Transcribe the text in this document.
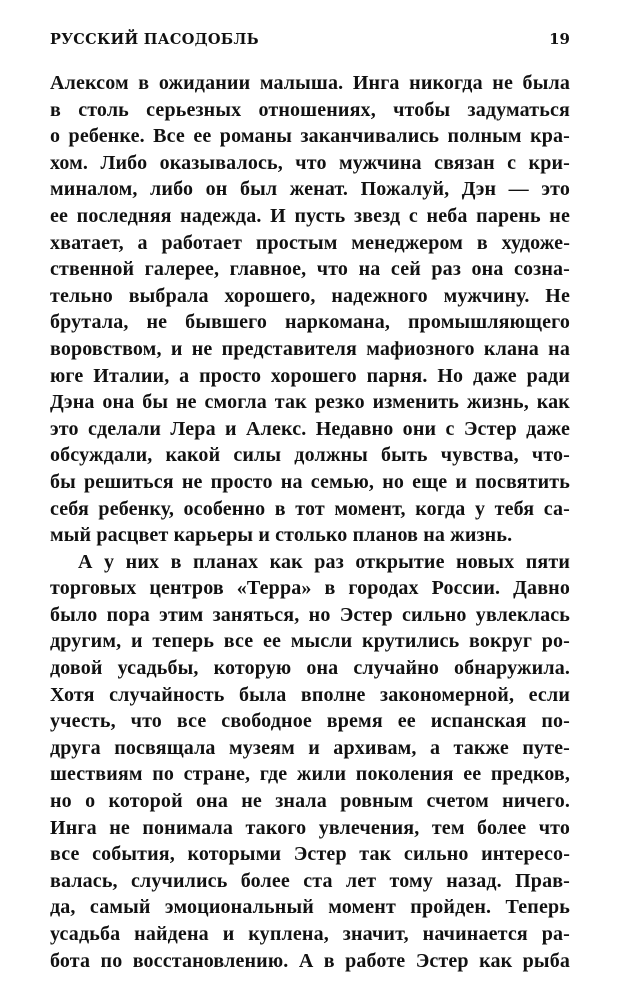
РУССКИЙ ПАСОДОБЛЬ	19
Алексом в ожидании малыша. Инга никогда не была
в столь серьезных отношениях, чтобы задуматься
о ребенке. Все ее романы заканчивались полным кра-
хом. Либо оказывалось, что мужчина связан с кри-
миналом, либо он был женат. Пожалуй, Дэн — это
ее последняя надежда. И пусть звезд с неба парень не
хватает, а работает простым менеджером в художе-
ственной галерее, главное, что на сей раз она сознa-
тельно выбрала хорошего, надежного мужчину. Не
брутала, не бывшего наркомана, промышляющего
воровством, и не представителя мафиозного клана на
юге Италии, а просто хорошего парня. Но даже ради
Дэна она бы не смогла так резко изменить жизнь, как
это сделали Лера и Алекс. Недавно они с Эстер даже
обсуждали, какой силы должны быть чувства, что-
бы решиться не просто на семью, но еще и посвятить
себя ребенку, особенно в тот момент, когда у тебя са-
мый расцвет карьеры и столько планов на жизнь.
А у них в планах как раз открытие новых пяти
торговых центров «Терра» в городах России. Давно
было пора этим заняться, но Эстер сильно увлеклась
другим, и теперь все ее мысли крутились вокруг ро-
довой усадьбы, которую она случайно обнаружила.
Хотя случайность была вполне закономерной, если
учесть, что все свободное время ее испанская по-
друга посвящала музеям и архивам, а также путе-
шествиям по стране, где жили поколения ее предков,
но о которой она не знала ровным счетом ничего.
Инга не понимала такого увлечения, тем более что
все события, которыми Эстер так сильно интересо-
валась, случились более ста лет тому назад. Прав-
да, самый эмоциональный момент пройден. Теперь
усадьба найдена и куплена, значит, начинается ра-
бота по восстановлению. А в работе Эстер как рыба
